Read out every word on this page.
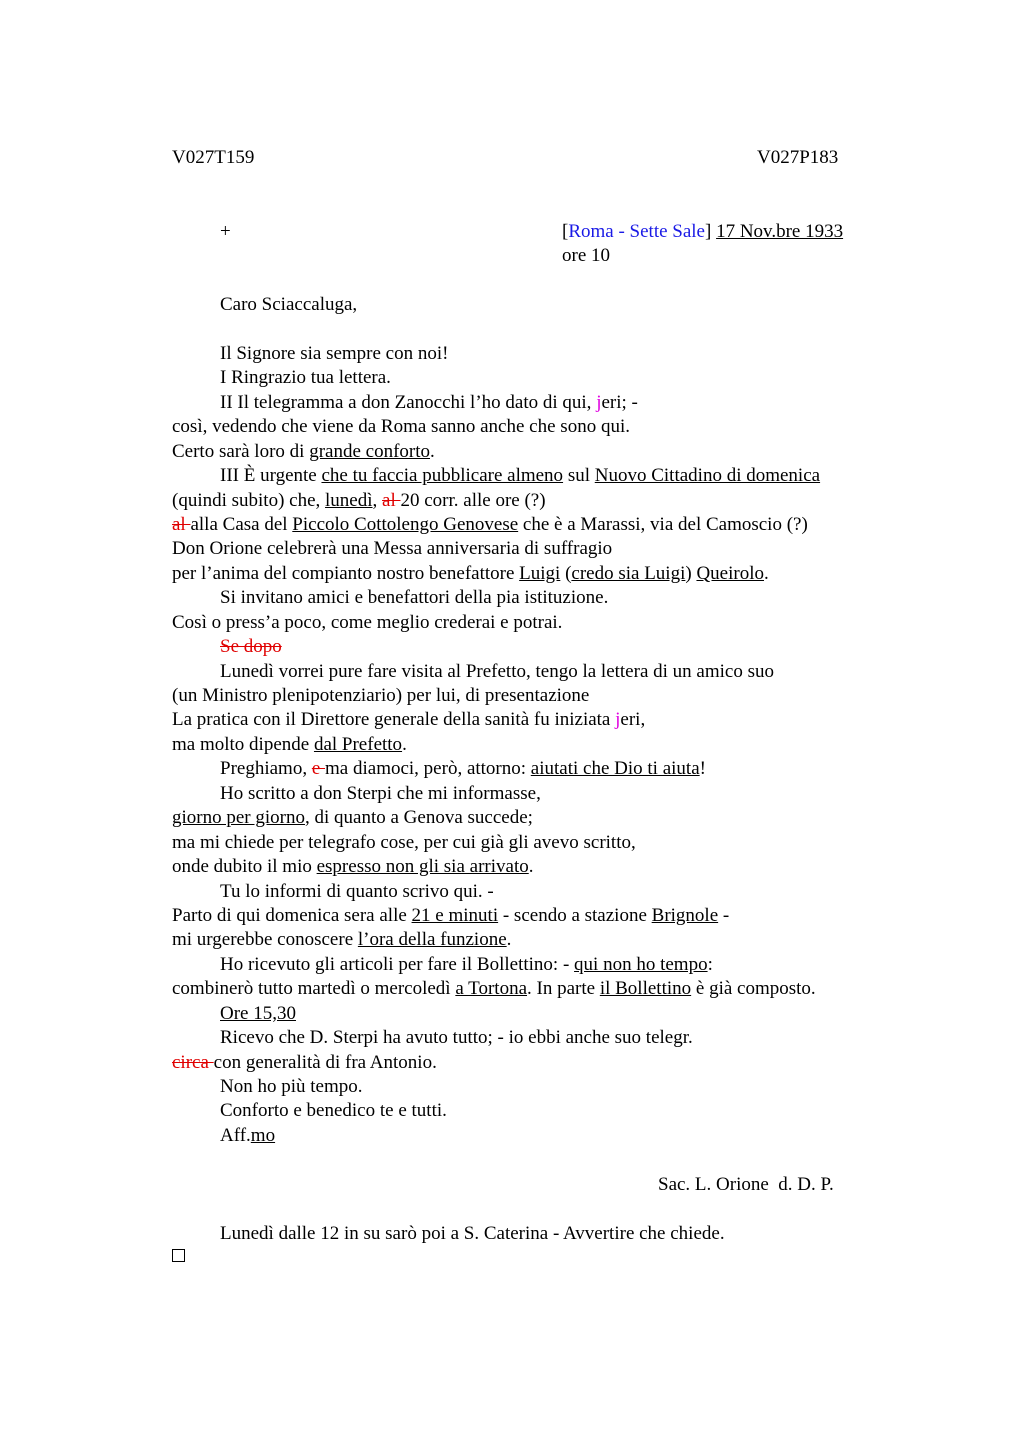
V027T159	V027P183
+	[Roma - Sette Sale] 17 Nov.bre 1933
ore 10
Caro Sciaccaluga,
Il Signore sia sempre con noi!
I Ringrazio tua lettera.
II Il telegramma a don Zanocchi l’ho dato di qui, jeri; -
così, vedendo che viene da Roma sanno anche che sono qui.
Certo sarà loro di grande conforto.
III È urgente che tu faccia pubblicare almeno sul Nuovo Cittadino di domenica
(quindi subito) che, lunedì, al 20 corr. alle ore (?)
al alla Casa del Piccolo Cottolengo Genovese che è a Marassi, via del Camoscio (?)
Don Orione celebrerà una Messa anniversaria di suffragio
per l’anima del compianto nostro benefattore Luigi (credo sia Luigi) Queirolo.
Si invitano amici e benefattori della pia istituzione.
Così o press’a poco, come meglio crederai e potrai.
Se dopo
Lunedì vorrei pure fare visita al Prefetto, tengo la lettera di un amico suo
(un Ministro plenipotenziario) per lui, di presentazione
La pratica con il Direttore generale della sanità fu iniziata jeri,
ma molto dipende dal Prefetto.
Preghiamo, e ma diamoci, però, attorno: aiutati che Dio ti aiuta!
Ho scritto a don Sterpi che mi informasse,
giorno per giorno, di quanto a Genova succede;
ma mi chiede per telegrafo cose, per cui già gli avevo scritto,
onde dubito il mio espresso non gli sia arrivato.
Tu lo informi di quanto scrivo qui. -
Parto di qui domenica sera alle 21 e minuti - scendo a stazione Brignole -
mi urgerebbe conoscere l’ora della funzione.
Ho ricevuto gli articoli per fare il Bollettino: - qui non ho tempo:
combinerò tutto martedì o mercoledì a Tortona. In parte il Bollettino è già composto.
Ore 15,30
Ricevo che D. Sterpi ha avuto tutto; - io ebbi anche suo telegr.
circa con generalità di fra Antonio.
Non ho più tempo.
Conforto e benedico te e tutti.
Aff.mo
Sac. L. Orione  d. D. P.
Lunedì dalle 12 in su sarò poi a S. Caterina - Avvertire che chiede.
